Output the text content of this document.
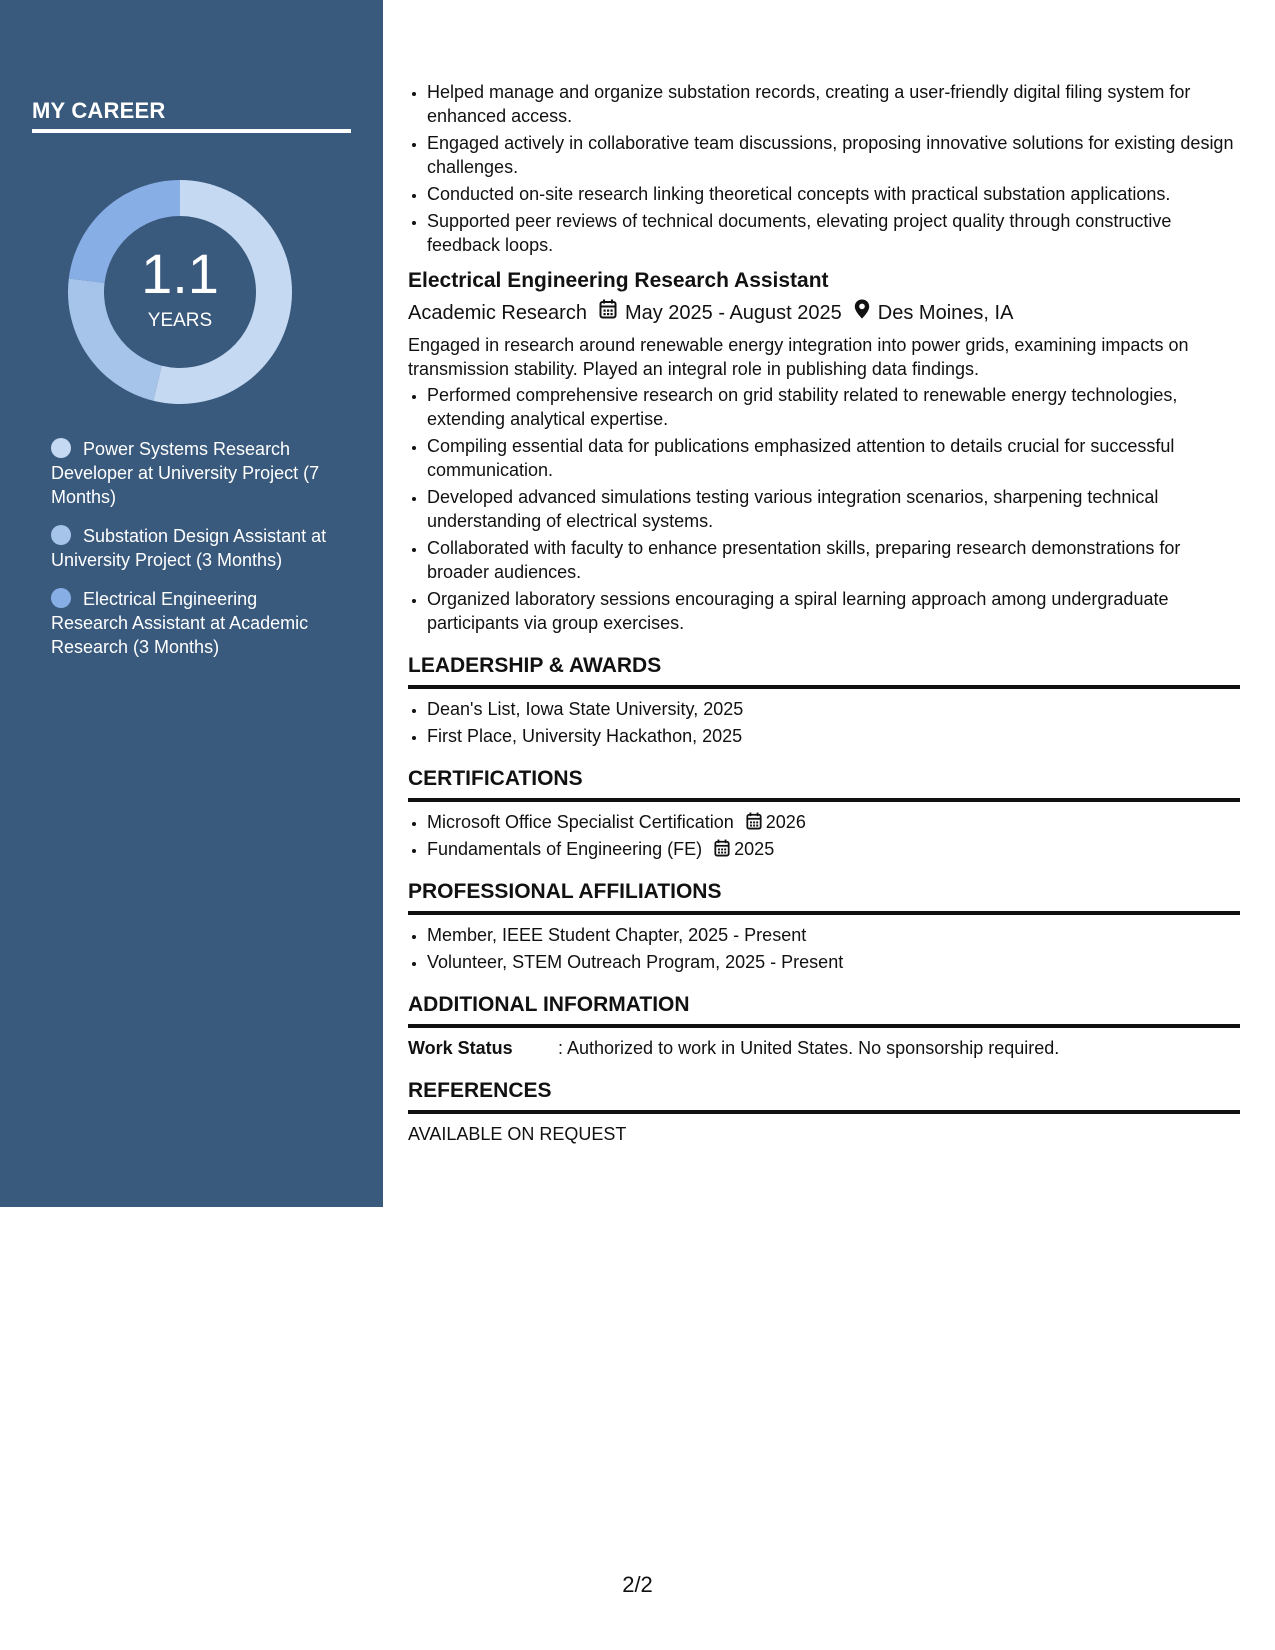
MY CAREER
1.1
YEARS
Power Systems Research Developer at University Project (7 Months)
Substation Design Assistant at University Project (3 Months)
Electrical Engineering Research Assistant at Academic Research (3 Months)
• Helped manage and organize substation records, creating a user-friendly digital filing system for enhanced access.
• Engaged actively in collaborative team discussions, proposing innovative solutions for existing design challenges.
• Conducted on-site research linking theoretical concepts with practical substation applications.
• Supported peer reviews of technical documents, elevating project quality through constructive feedback loops.
Electrical Engineering Research Assistant
Academic Research May 2025 - August 2025 Des Moines, IA

Engaged in research around renewable energy integration into power grids, examining impacts on transmission stability. Played an integral role in publishing data findings.

• Performed comprehensive research on grid stability related to renewable energy technologies, extending analytical expertise.
• Compiling essential data for publications emphasized attention to details crucial for successful communication.
• Developed advanced simulations testing various integration scenarios, sharpening technical understanding of electrical systems.
• Collaborated with faculty to enhance presentation skills, preparing research demonstrations for broader audiences.
• Organized laboratory sessions encouraging a spiral learning approach among undergraduate participants via group exercises.
LEADERSHIP & AWARDS
• Dean's List, Iowa State University, 2025
• First Place, University Hackathon, 2025
CERTIFICATIONS
• Microsoft Office Specialist Certification 2026
• Fundamentals of Engineering (FE) 2025
PROFESSIONAL AFFILIATIONS
• Member, IEEE Student Chapter, 2025 - Present
• Volunteer, STEM Outreach Program, 2025 - Present
ADDITIONAL INFORMATION
Work Status	: Authorized to work in United States. No sponsorship required.
REFERENCES
AVAILABLE ON REQUEST
2/2
